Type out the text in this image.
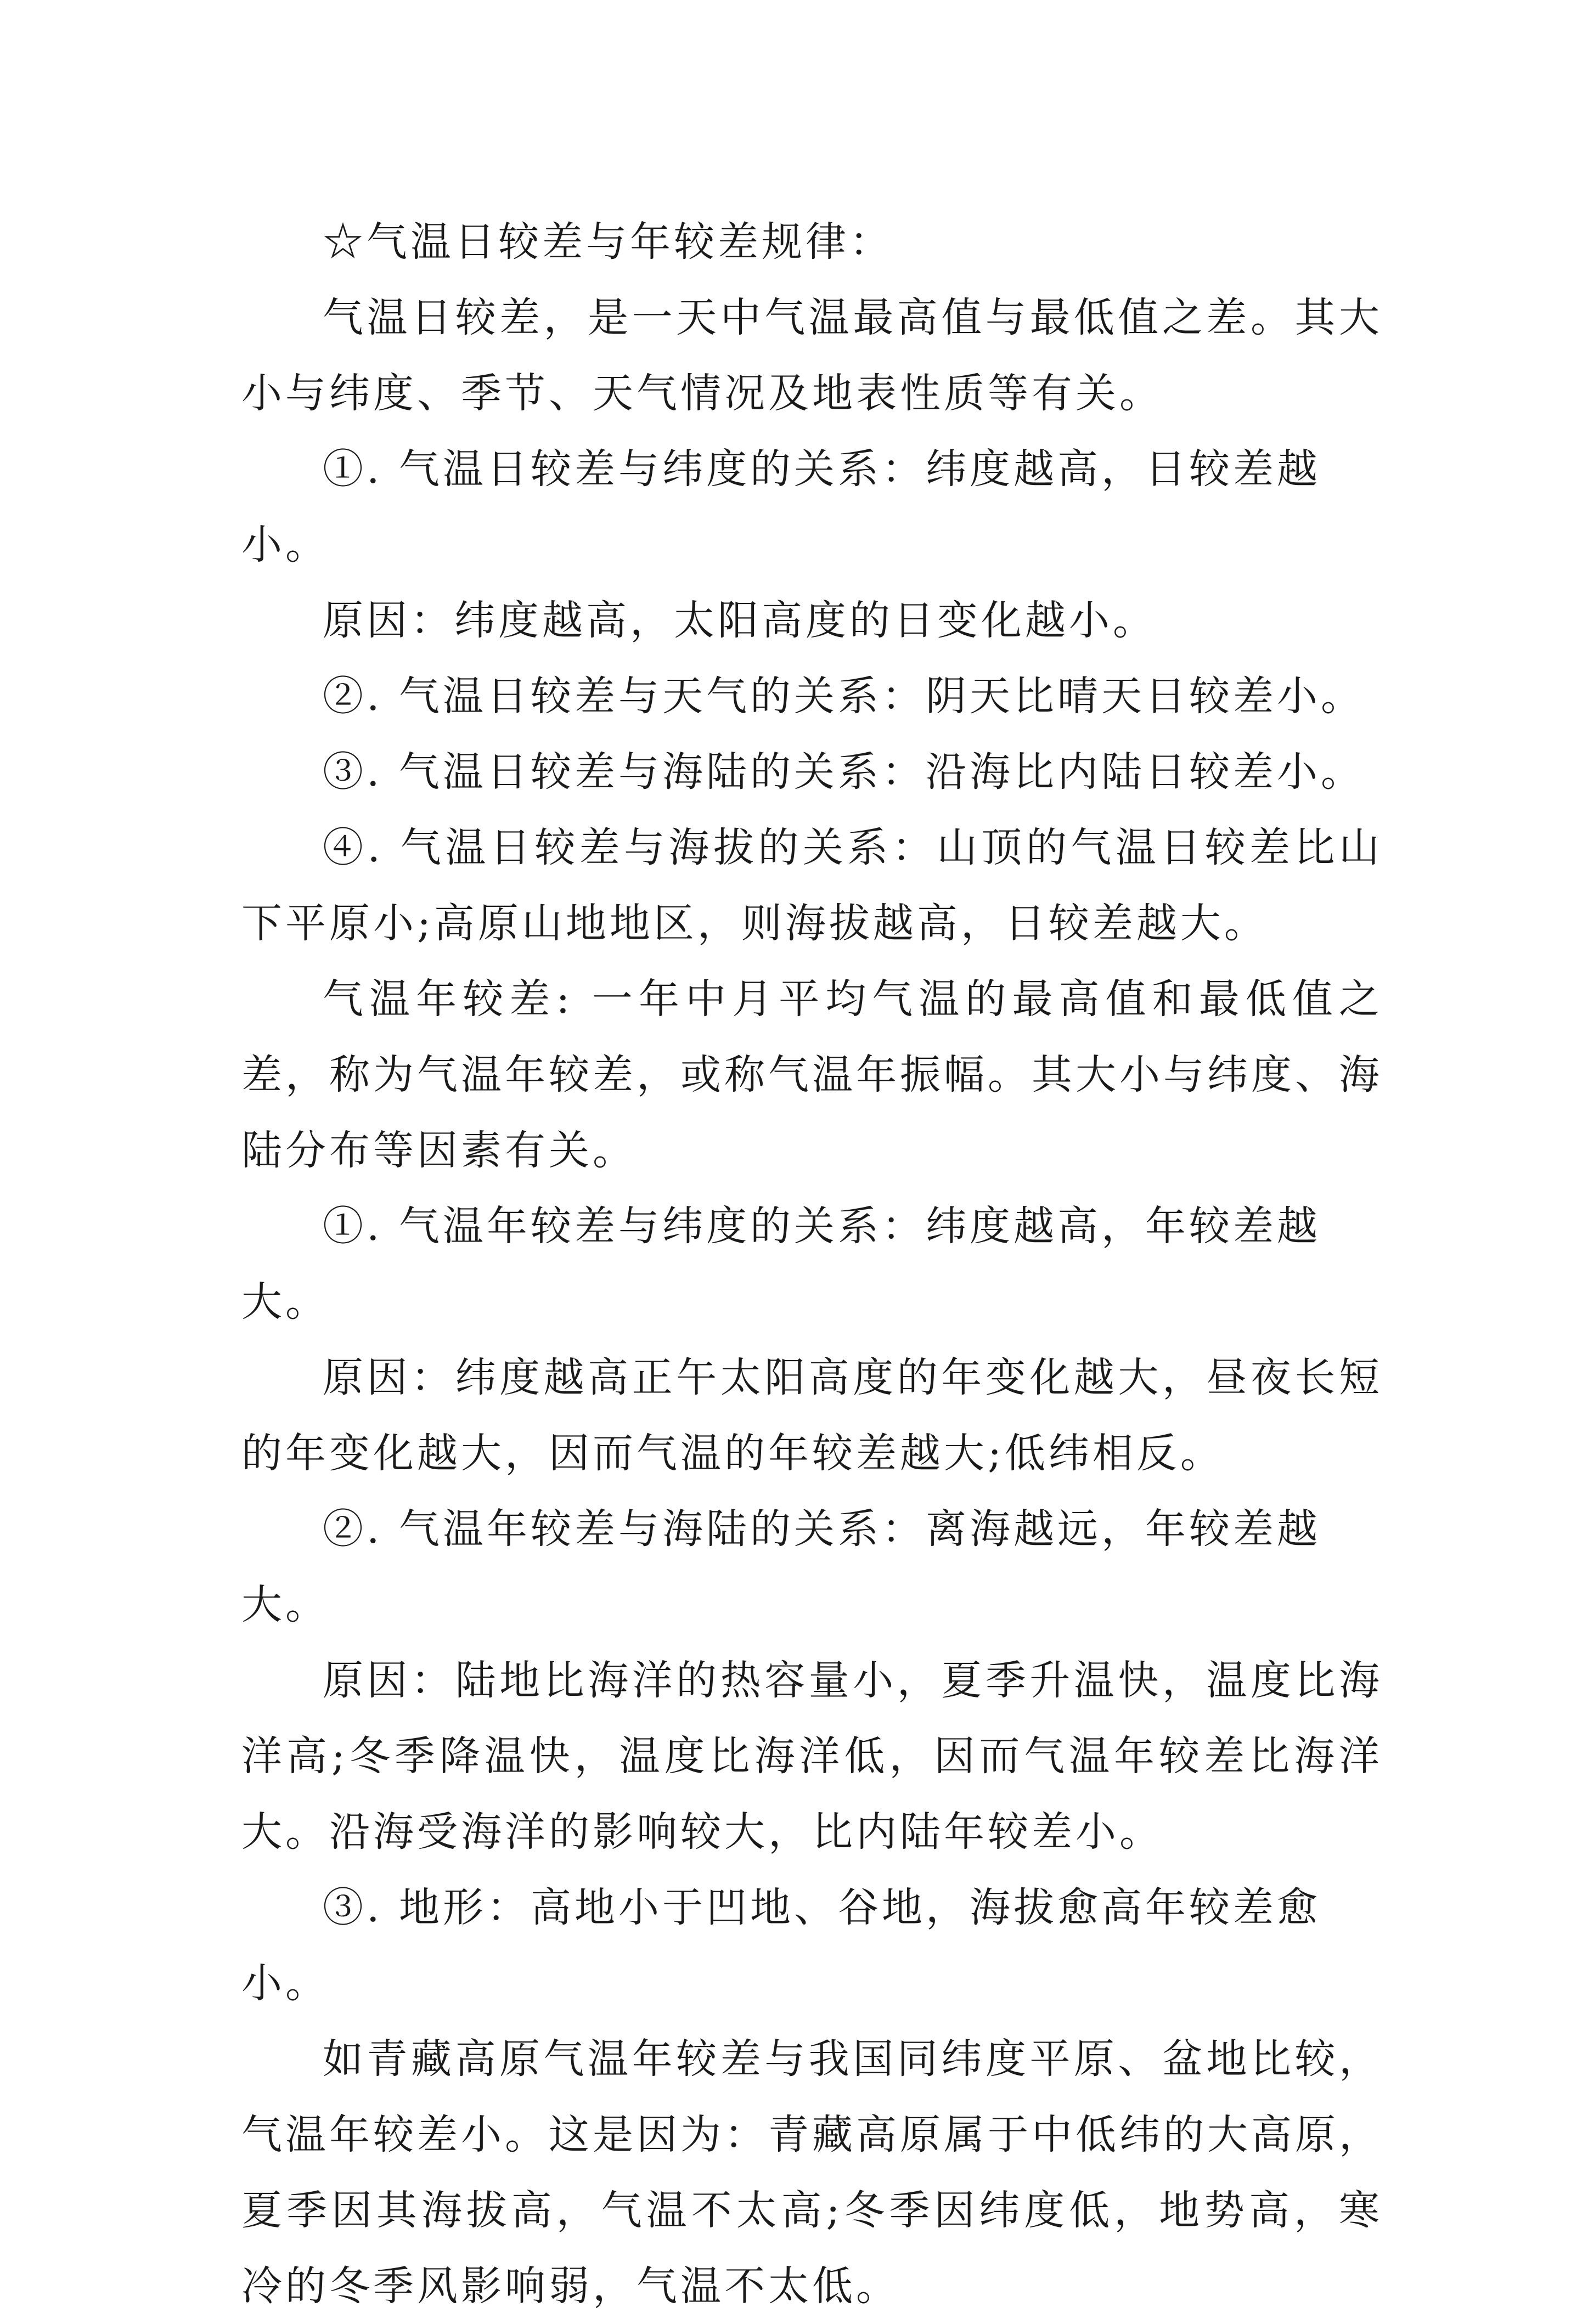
☆气温日较差与年较差规律：

气温日较差，是一天中气温最高值与最低值之差。其大小与纬度、季节、天气情况及地表性质等有关。

①. 气温日较差与纬度的关系：纬度越高，日较差越小。

原因：纬度越高，太阳高度的日变化越小。

②. 气温日较差与天气的关系：阴天比晴天日较差小。

③. 气温日较差与海陆的关系：沿海比内陆日较差小。

④. 气温日较差与海拔的关系：山顶的气温日较差比山下平原小;高原山地地区，则海拔越高，日较差越大。

气温年较差: 一年中月平均气温的最高值和最低值之差，称为气温年较差，或称气温年振幅。其大小与纬度、海陆分布等因素有关。

①. 气温年较差与纬度的关系：纬度越高，年较差越大。

原因：纬度越高正午太阳高度的年变化越大，昼夜长短的年变化越大，因而气温的年较差越大;低纬相反。

②. 气温年较差与海陆的关系：离海越远，年较差越大。

原因：陆地比海洋的热容量小，夏季升温快，温度比海洋高;冬季降温快，温度比海洋低，因而气温年较差比海洋大。沿海受海洋的影响较大，比内陆年较差小。

③. 地形：高地小于凹地、谷地，海拔愈高年较差愈小。

如青藏高原气温年较差与我国同纬度平原、盆地比较，气温年较差小。这是因为：青藏高原属于中低纬的大高原，夏季因其海拔高，气温不太高;冬季因纬度低，地势高，寒冷的冬季风影响弱，气温不太低。
